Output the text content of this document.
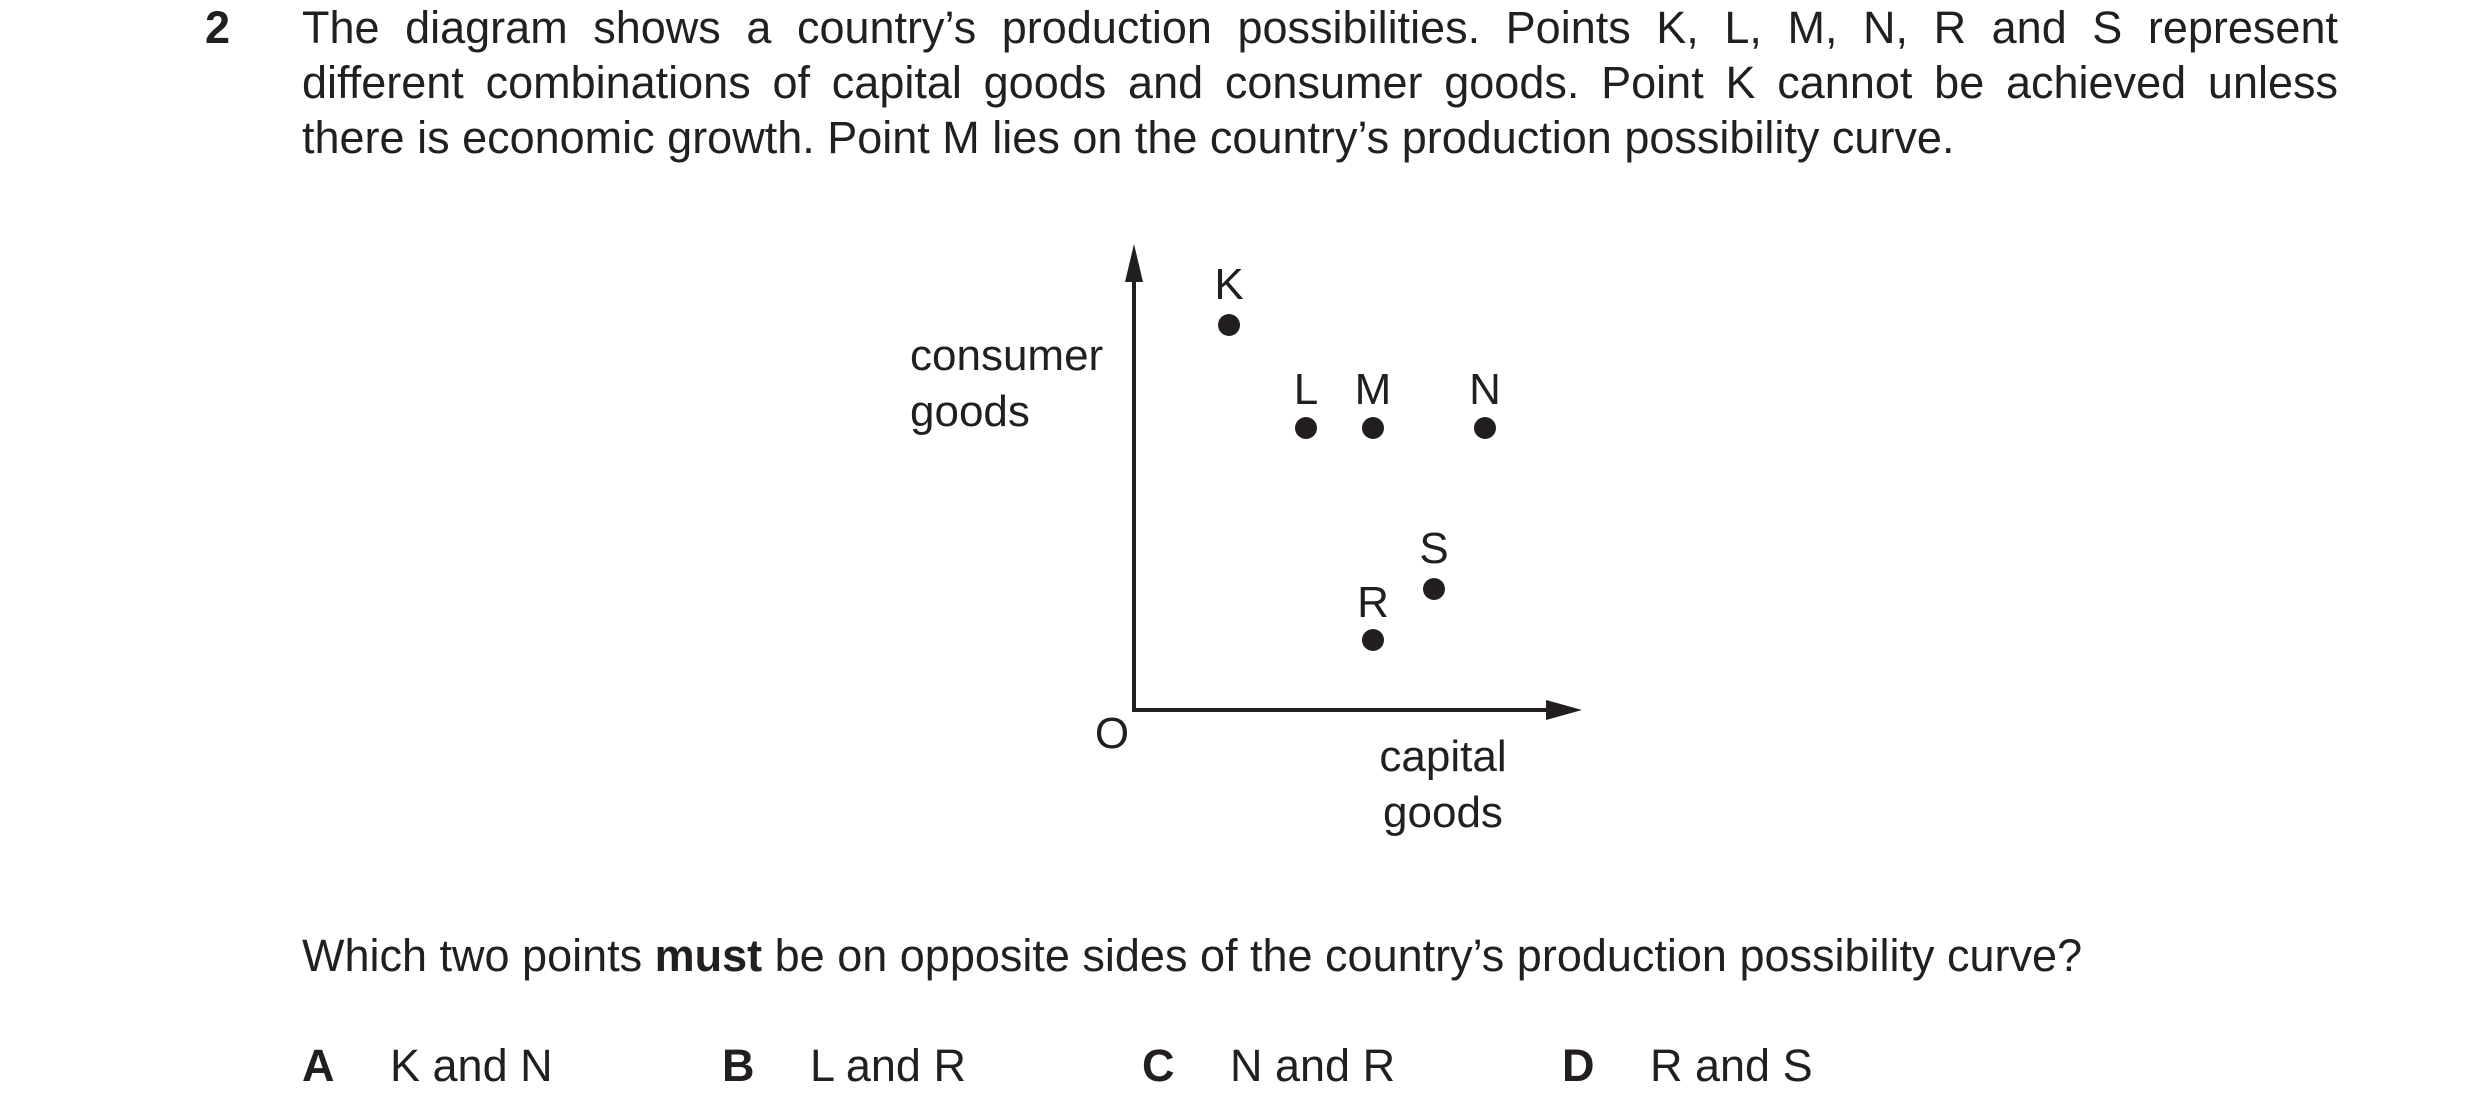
2 The diagram shows a country’s production possibilities. Points K, L, M, N, R and S represent
different combinations of capital goods and consumer goods. Point K cannot be achieved unless
there is economic growth. Point M lies on the country’s production possibility curve.
consumer
goods
capital
goods
O
K
L M N
R
S
Which two points must be on opposite sides of the country’s production possibility curve?
A K and N	B L and R	C N and R	D R and S
